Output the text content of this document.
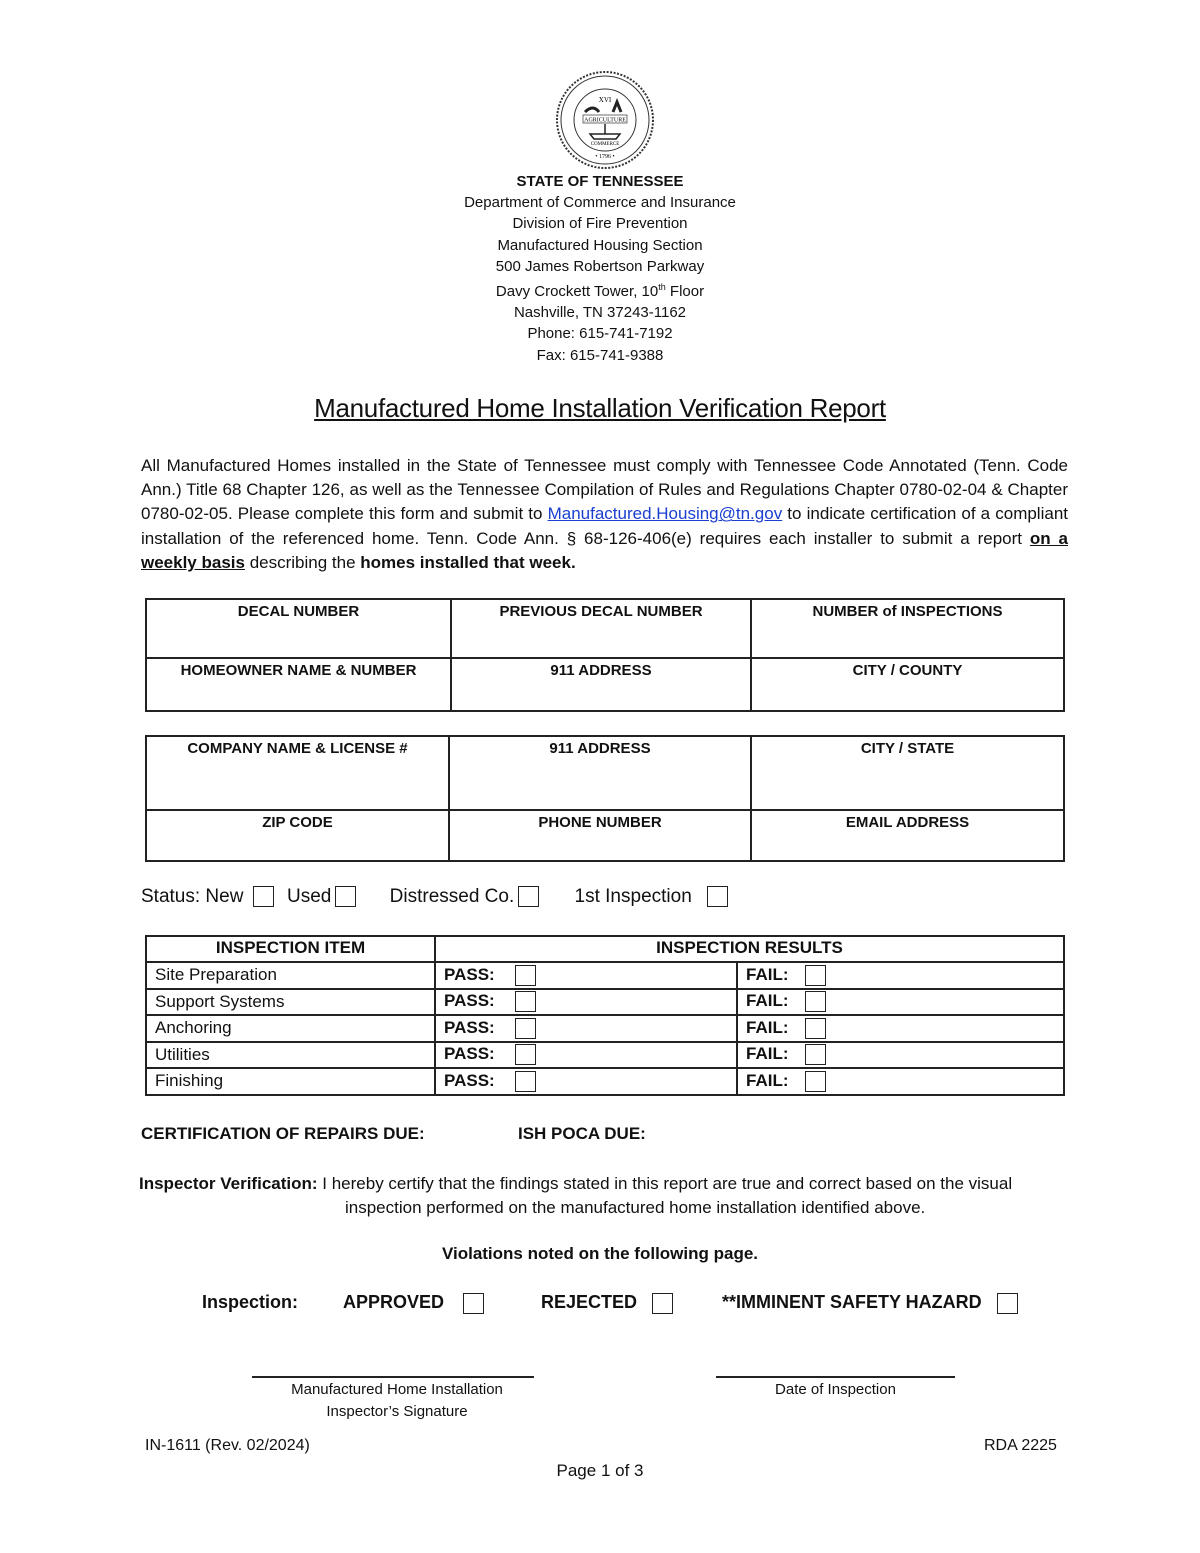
XVI
AGRICULTURE
COMMERCE
• 1796 •
STATE OF TENNESSEE
Department of Commerce and Insurance
Division of Fire Prevention
Manufactured Housing Section
500 James Robertson Parkway
Davy Crockett Tower, 10th Floor
Nashville, TN 37243-1162
Phone: 615-741-7192
Fax: 615-741-9388
Manufactured Home Installation Verification Report
All Manufactured Homes installed in the State of Tennessee must comply with Tennessee Code Annotated (Tenn. Code Ann.) Title 68 Chapter 126, as well as the Tennessee Compilation of Rules and Regulations Chapter 0780-02-04 & Chapter 0780-02-05. Please complete this form and submit to Manufactured.Housing@tn.gov to indicate certification of a compliant installation of the referenced home. Tenn. Code Ann. § 68-126-406(e) requires each installer to submit a report on a weekly basis describing the homes installed that week.
DECAL NUMBER	PREVIOUS DECAL NUMBER	NUMBER of INSPECTIONS
HOMEOWNER NAME & NUMBER	911 ADDRESS	CITY / COUNTY
COMPANY NAME & LICENSE #	911 ADDRESS	CITY / STATE
ZIP CODE	PHONE NUMBER	EMAIL ADDRESS
Status: New Used	Distressed Co.	1st Inspection
INSPECTION ITEM	INSPECTION RESULTS	
Site Preparation	PASS:	FAIL:
Support Systems	PASS:	FAIL:
Anchoring	PASS:	FAIL:
Utilities	PASS:	FAIL:
Finishing	PASS:	FAIL:
CERTIFICATION OF REPAIRS DUE:	ISH POCA DUE:
Inspector Verification: I hereby certify that the findings stated in this report are true and correct based on the visual
inspection performed on the manufactured home installation identified above.
Violations noted on the following page.
Inspection: APPROVED	REJECTED	**IMMINENT SAFETY HAZARD
Manufactured Home Installation
Inspector’s Signature
Date of Inspection
IN-1611 (Rev. 02/2024)	RDA 2225
Page 1 of 3
